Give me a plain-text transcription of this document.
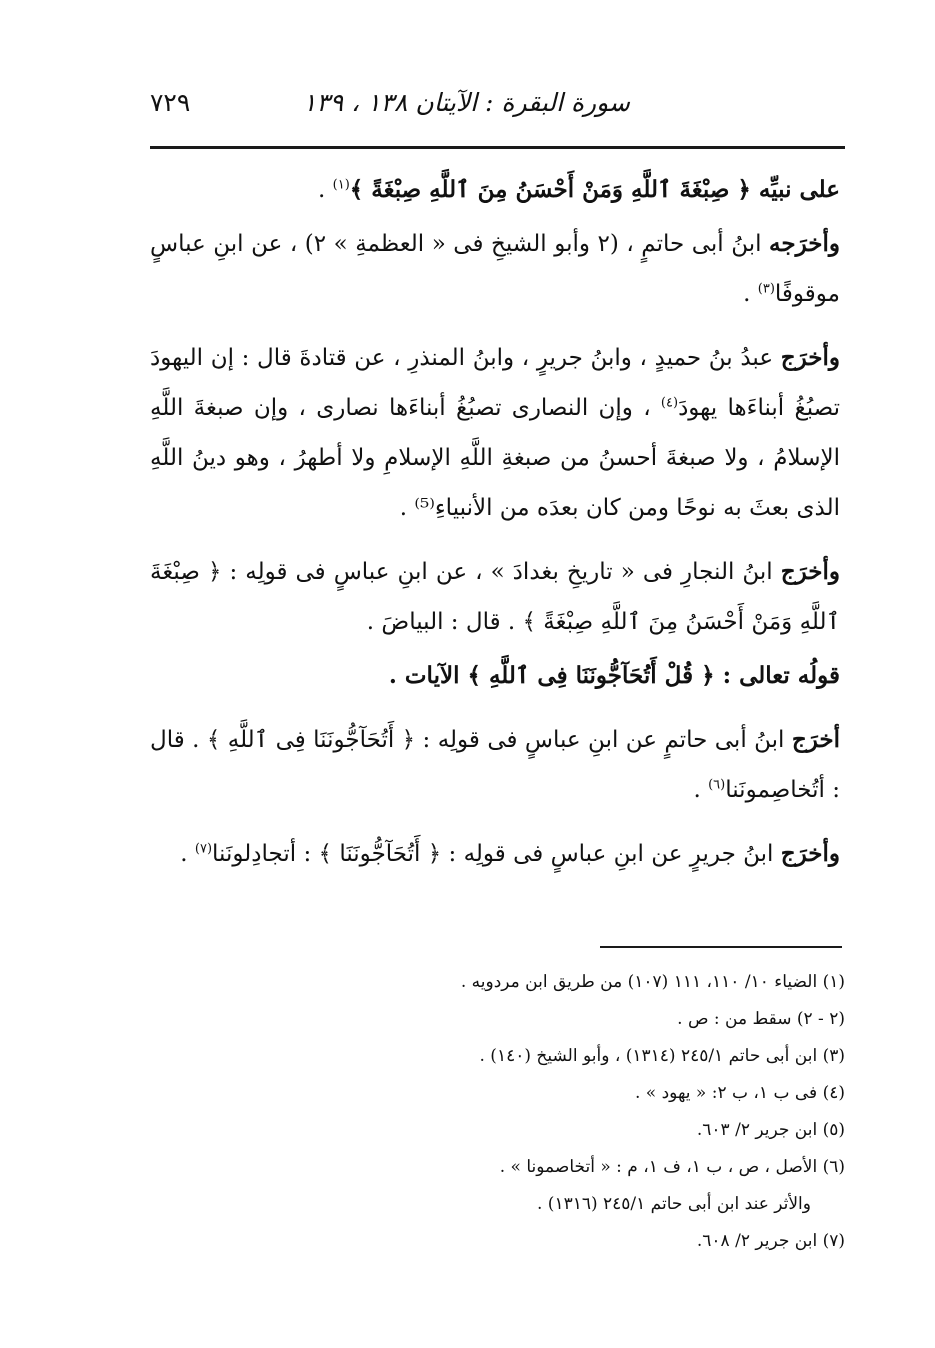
سورة البقرة : الآيتان ١٣٨ ، ١٣٩
٧٢٩

على نبيِّه ﴿ صِبْغَةَ ٱللَّهِ وَمَنْ أَحْسَنُ مِنَ ٱللَّهِ صِبْغَةً ﴾$^{(١)}$ .

وأخرَجه ابنُ أبى حاتمٍ ، ‏(٢ وأبو الشيخِ فى « العظمةِ » ٢) ، عن ابنِ عباسٍ موقوفًا$^{(٣)}$ .

وأخرَج عبدُ بنُ حميدٍ ، وابنُ جريرٍ ، وابنُ المنذرِ ، عن قتادةَ قال : إن اليهودَ تصبُغُ أبناءَها يهودَ$^{(٤)}$ ، وإن النصارى تصبُغُ أبناءَها نصارى ، وإن صبغةَ اللَّهِ الإسلامُ ، ولا صبغةَ أحسنُ من صبغةِ اللَّهِ الإسلامِ ولا أطهرُ ، وهو دينُ اللَّهِ الذى بعثَ به نوحًا ومن كان بعدَه من الأنبياءِ⁽⁵⁾ .

وأخرَج ابنُ النجارِ فى « تاريخِ بغدادَ » ، عن ابنِ عباسٍ فى قولِه : ﴿ صِبْغَةَ ٱللَّهِ وَمَنْ أَحْسَنُ مِنَ ٱللَّهِ صِبْغَةً ﴾ . قال : البياضَ .

قولُه تعالى : ﴿ قُلْ أَتُحَآجُّونَنَا فِى ٱللَّهِ ﴾ الآيات .

أخرَج ابنُ أبى حاتمٍ عن ابنِ عباسٍ فى قولِه : ﴿ أَتُحَآجُّونَنَا فِى ٱللَّهِ ﴾ . قال : أتُخاصِمونَنا$^{(٦)}$ .

وأخرَج ابنُ جريرٍ عن ابنِ عباسٍ فى قولِه : ﴿ أَتُحَآجُّونَنَا ﴾ : أتجادِلونَنا$^{(٧)}$ .

(١) الضياء ١٠/ ١١٠، ١١١ (١٠٧) من طريق ابن مردويه .
(٢ - ٢) سقط من : ص .
(٣) ابن أبى حاتم ٢٤٥/١ (١٣١٤) ، وأبو الشيخ (١٤٠) .
(٤) فى ب ١، ب ٢: « يهود » .
(٥) ابن جرير ٢/ ٦٠٣.
(٦) الأصل ، ص ، ب ١، ف ١، م : « أتخاصمونا » .
والأثر عند ابن أبى حاتم ٢٤٥/١ (١٣١٦) .
(٧) ابن جرير ٢/ ٦٠٨.
